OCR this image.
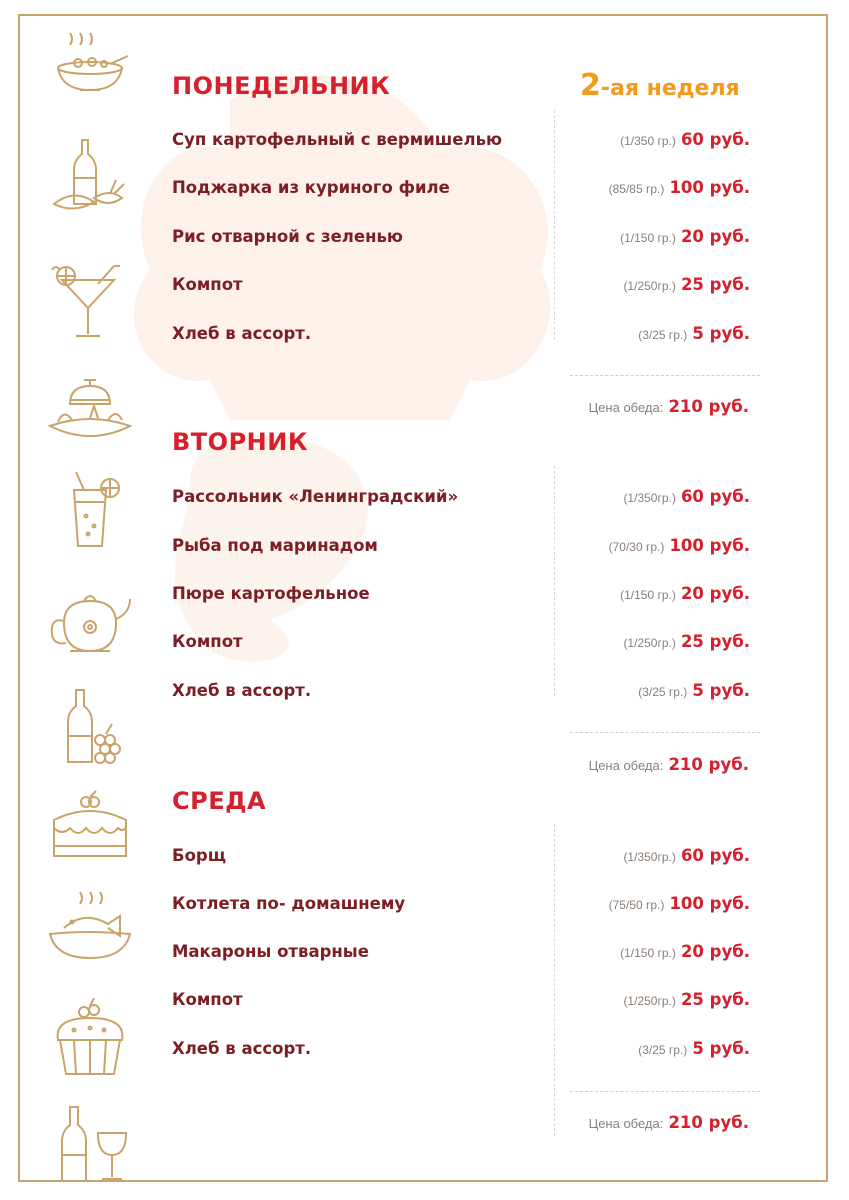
2-ая неделя
ПОНЕДЕЛЬНИК
Суп картофельный с вермишелью	(1/350 гр.) 60 руб.
Поджарка из куриного филе	(85/85 гр.) 100 руб.
Рис отварной с зеленью	(1/150 гр.) 20 руб.
Компот	(1/250гр.) 25 руб.
Хлеб в ассорт.	(3/25 гр.) 5 руб.
Цена обеда: 210 руб.
ВТОРНИК
Рассольник «Ленинградский»	(1/350гр.) 60 руб.
Рыба под маринадом	(70/30 гр.) 100 руб.
Пюре картофельное	(1/150 гр.) 20 руб.
Компот	(1/250гр.) 25 руб.
Хлеб в ассорт.	(3/25 гр.) 5 руб.
Цена обеда: 210 руб.
СРЕДА
Борщ	(1/350гр.) 60 руб.
Котлета по- домашнему	(75/50 гр.) 100 руб.
Макароны отварные	(1/150 гр.) 20 руб.
Компот	(1/250гр.) 25 руб.
Хлеб в ассорт.	(3/25 гр.) 5 руб.
Цена обеда: 210 руб.
